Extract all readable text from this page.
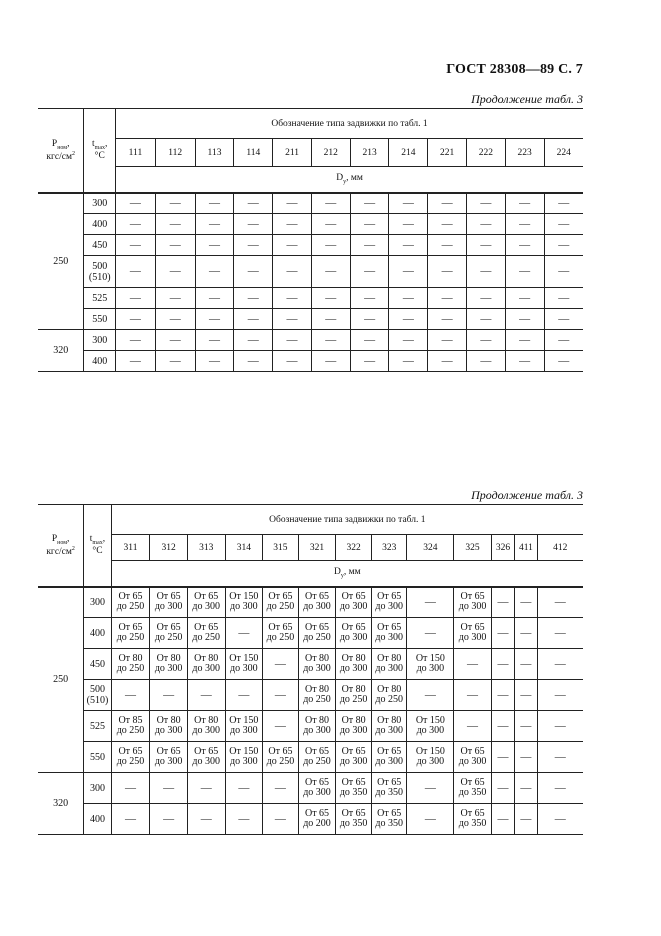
ГОСТ 28308—89 С. 7
Продолжение табл. 3
$P_{ном}$,
кгс/$см^2$	$t_{max}$,
°С	Обозначение типа задвижки по табл. 1											
		111	112	113	114	211	212	213	214	221	222	223	224
		$D_y$, мм											
250	300	—	—	—	—	—	—	—	—	—	—	—	—
	400	—	—	—	—	—	—	—	—	—	—	—	—
	450	—	—	—	—	—	—	—	—	—	—	—	—
	500
(510)	—	—	—	—	—	—	—	—	—	—	—	—
	525	—	—	—	—	—	—	—	—	—	—	—	—
	550	—	—	—	—	—	—	—	—	—	—	—	—
320	300	—	—	—	—	—	—	—	—	—	—	—	—
	400	—	—	—	—	—	—	—	—	—	—	—	—
Продолжение табл. 3
$P_{ном}$,
кгс/$см^2$	$t_{max}$,
°С	Обозначение типа задвижки по табл. 1												
		311	312	313	314	315	321	322	323	324	325	326	411	412
		$D_y$, мм												
250	300	От 65
до 250	От 65
до 300	От 65
до 300	От 150
до 300	От 65
до 250	От 65
до 300	От 65
до 300	От 65
до 300	—	От 65
до 300	—	—	—
	400	От 65
до 250	От 65
до 250	От 65
до 250	—	От 65
до 250	От 65
до 250	От 65
до 300	От 65
до 300	—	От 65
до 300	—	—	—
	450	От 80
до 250	От 80
до 300	От 80
до 300	От 150
до 300	—	От 80
до 300	От 80
до 300	От 80
до 300	От 150
до 300	—	—	—	—
	500
(510)	—	—	—	—	—	От 80
до 250	От 80
до 250	От 80
до 250	—	—	—	—	—
	525	От 85
до 250	От 80
до 300	От 80
до 300	От 150
до 300	—	От 80
до 300	От 80
до 300	От 80
до 300	От 150
до 300	—	—	—	—
	550	От 65
до 250	От 65
до 300	От 65
до 300	От 150
до 300	От 65
до 250	От 65
до 250	От 65
до 300	От 65
до 300	От 150
до 300	От 65
до 300	—	—	—
320	300	—	—	—	—	—	От 65
до 300	От 65
до 350	От 65
до 350	—	От 65
до 350	—	—	—
	400	—	—	—	—	—	От 65
до 200	От 65
до 350	От 65
до 350	—	От 65
до 350	—	—	—
